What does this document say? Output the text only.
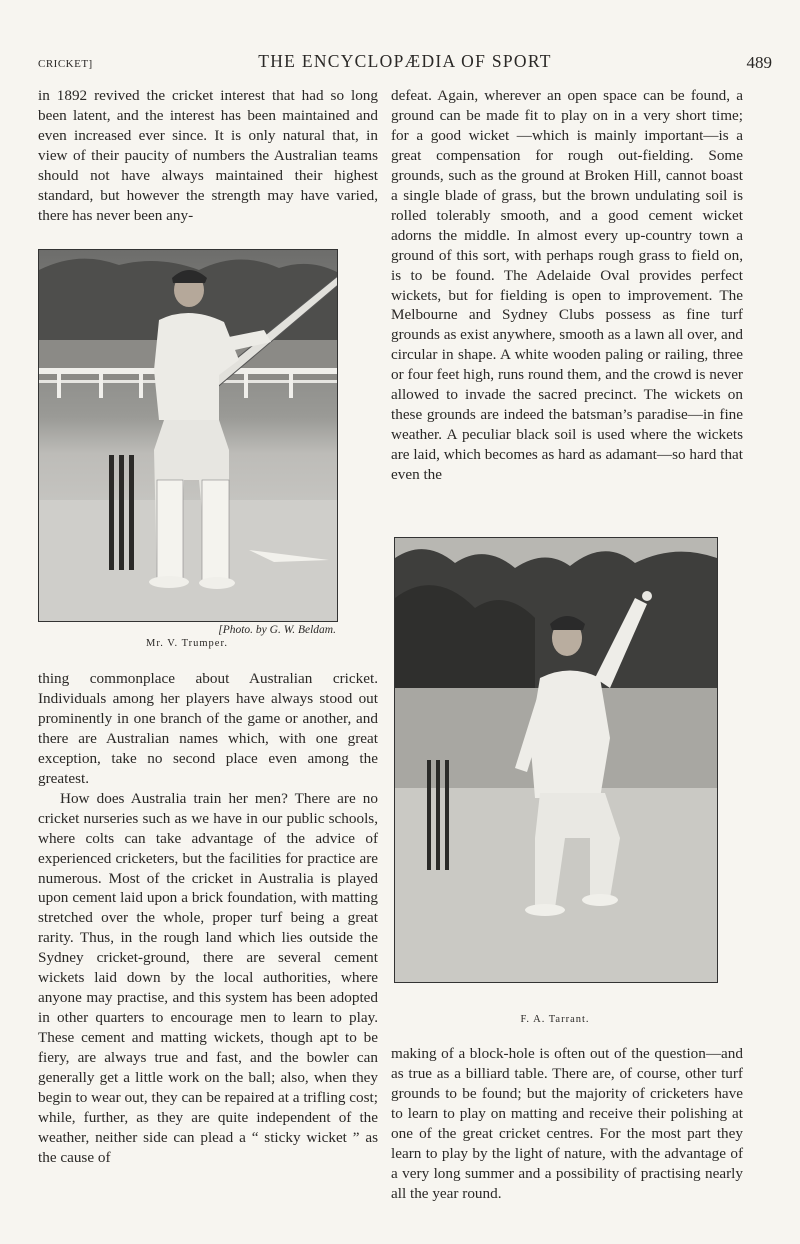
CRICKET]	THE ENCYCLOPÆDIA OF SPORT	489

in 1892 revived the cricket interest that had so long been latent, and the interest has been maintained and even increased ever since. It is only natural that, in view of their paucity of numbers the Australian teams should not have always maintained their highest standard, but however the strength may have varied, there has never been any-

[Photo. by G. W. Beldam.
Mr. V. Trumper.

thing commonplace about Australian cricket. Individuals among her players have always stood out prominently in one branch of the game or another, and there are Australian names which, with one great exception, take no second place even among the greatest.

How does Australia train her men? There are no cricket nurseries such as we have in our public schools, where colts can take advantage of the advice of experienced cricketers, but the facilities for practice are numerous. Most of the cricket in Australia is played upon cement laid upon a brick foundation, with matting stretched over the whole, proper turf being a great rarity. Thus, in the rough land which lies outside the Sydney cricket-ground, there are several cement wickets laid down by the local authorities, where anyone may practise, and this system has been adopted in other quarters to encourage men to learn to play. These cement and matting wickets, though apt to be fiery, are always true and fast, and the bowler can generally get a little work on the ball; also, when they begin to wear out, they can be repaired at a trifling cost; while, further, as they are quite independent of the weather, neither side can plead a “ sticky wicket ” as the cause of

defeat. Again, wherever an open space can be found, a ground can be made fit to play on in a very short time; for a good wicket —which is mainly important—is a great compensation for rough out-fielding. Some grounds, such as the ground at Broken Hill, cannot boast a single blade of grass, but the brown undulating soil is rolled tolerably smooth, and a good cement wicket adorns the middle. In almost every up-country town a ground of this sort, with perhaps rough grass to field on, is to be found. The Adelaide Oval provides perfect wickets, but for fielding is open to improvement. The Melbourne and Sydney Clubs possess as fine turf grounds as exist anywhere, smooth as a lawn all over, and circular in shape. A white wooden paling or railing, three or four feet high, runs round them, and the crowd is never allowed to invade the sacred precinct. The wickets on these grounds are indeed the batsman’s paradise—in fine weather. A peculiar black soil is used where the wickets are laid, which becomes as hard as adamant—so hard that even the

F. A. Tarrant.

making of a block-hole is often out of the question—and as true as a billiard table. There are, of course, other turf grounds to be found; but the majority of cricketers have to learn to play on matting and receive their polishing at one of the great cricket centres. For the most part they learn to play by the light of nature, with the advantage of a very long summer and a possibility of practising nearly all the year round.
